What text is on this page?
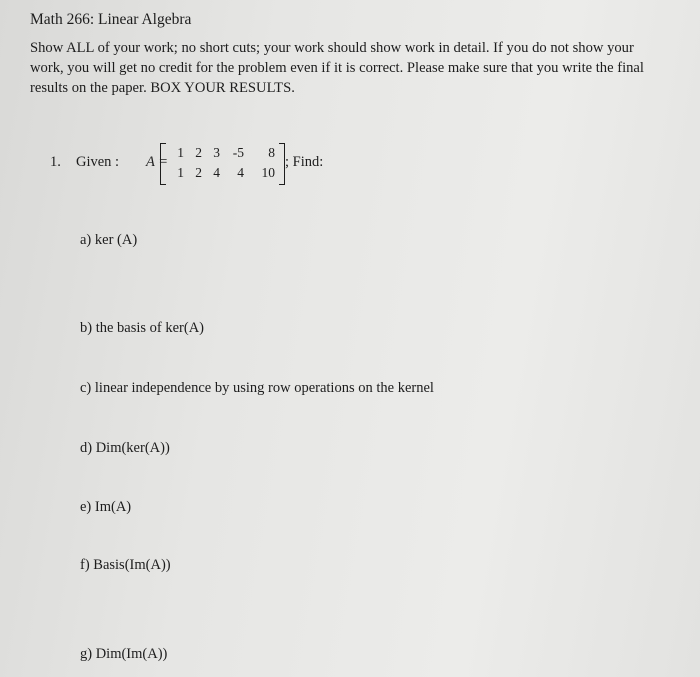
Math 266: Linear Algebra
Show ALL of your work; no short cuts; your work should show work in detail. If you do not show your work, you will get no credit for the problem even if it is correct. Please make sure that you write the final results on the paper. BOX YOUR RESULTS.
1. Given : A =
1 2 3 -5	8
1 2 4	4	10
; Find:
a) ker (A)
b) the basis of ker(A)
c) linear independence by using row operations on the kernel
d) Dim(ker(A))
e) Im(A)
f) Basis(Im(A))
g) Dim(Im(A))
